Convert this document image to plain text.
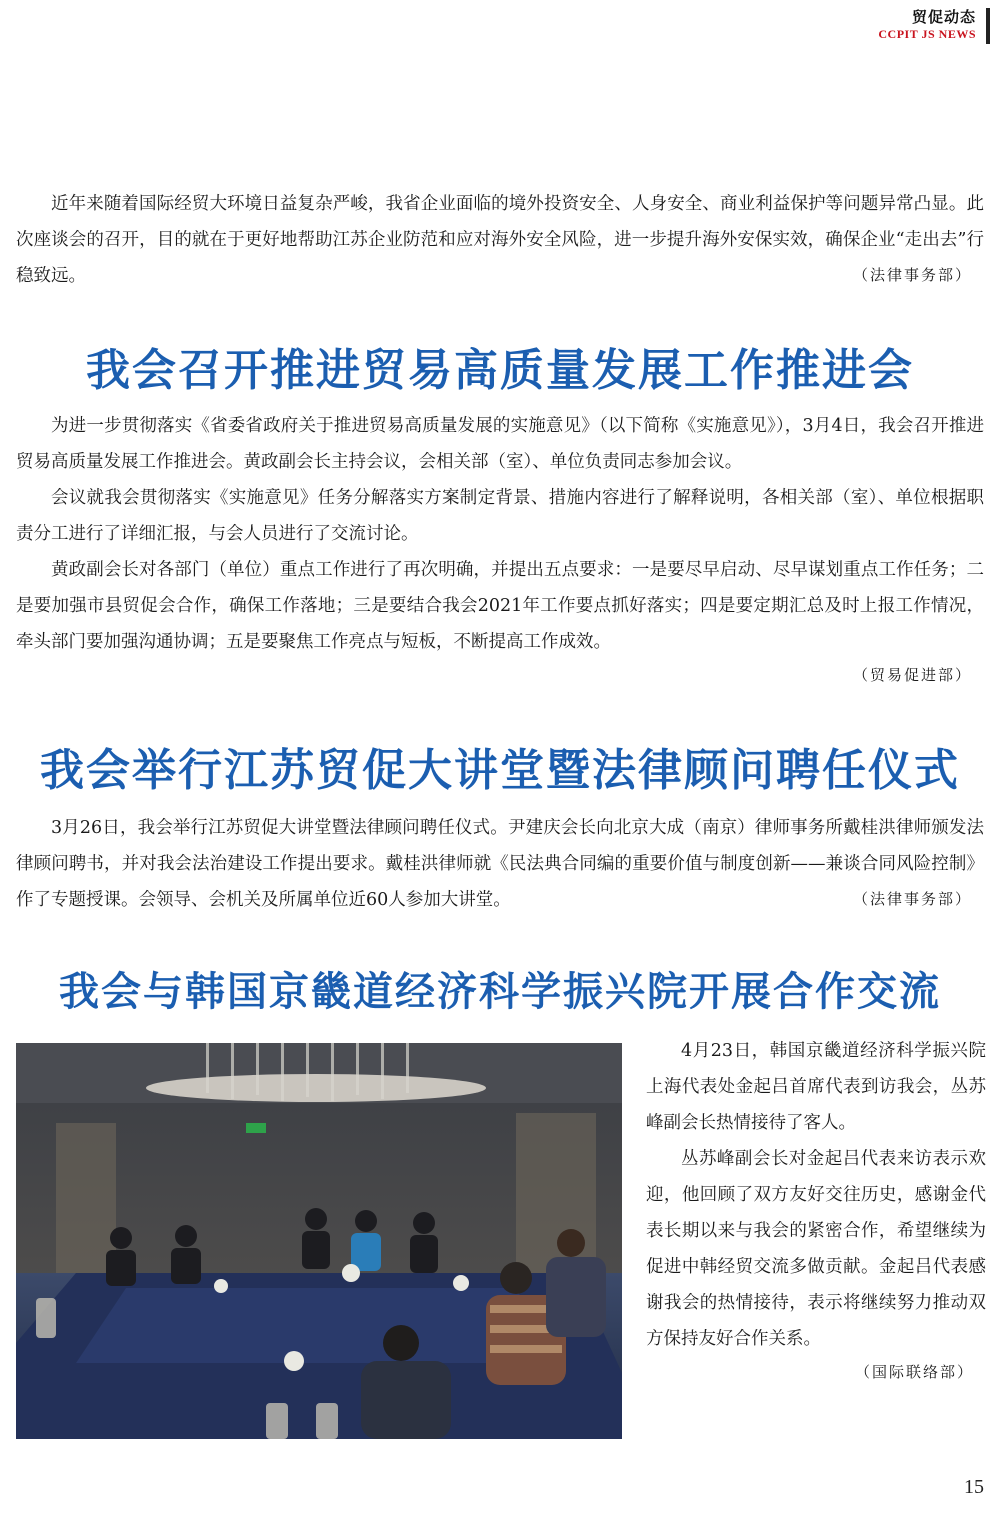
贸促动态
CCPIT JS NEWS

近年来随着国际经贸大环境日益复杂严峻，我省企业面临的境外投资安全、人身安全、商业利益保护等问题异常凸显。此次座谈会的召开，目的就在于更好地帮助江苏企业防范和应对海外安全风险，进一步提升海外安保实效，确保企业“走出去”行稳致远。	（法律事务部）
我会召开推进贸易高质量发展工作推进会

为进一步贯彻落实《省委省政府关于推进贸易高质量发展的实施意见》（以下简称《实施意见》），3月4日，我会召开推进贸易高质量发展工作推进会。黄政副会长主持会议，会相关部（室）、单位负责同志参加会议。

会议就我会贯彻落实《实施意见》任务分解落实方案制定背景、措施内容进行了解释说明，各相关部（室）、单位根据职责分工进行了详细汇报，与会人员进行了交流讨论。

黄政副会长对各部门（单位）重点工作进行了再次明确，并提出五点要求：一是要尽早启动、尽早谋划重点工作任务；二是要加强市县贸促会合作，确保工作落地；三是要结合我会2021年工作要点抓好落实；四是要定期汇总及时上报工作情况，牵头部门要加强沟通协调；五是要聚焦工作亮点与短板，不断提高工作成效。

（贸易促进部）
我会举行江苏贸促大讲堂暨法律顾问聘任仪式

3月26日，我会举行江苏贸促大讲堂暨法律顾问聘任仪式。尹建庆会长向北京大成（南京）律师事务所戴桂洪律师颁发法律顾问聘书，并对我会法治建设工作提出要求。戴桂洪律师就《民法典合同编的重要价值与制度创新——兼谈合同风险控制》作了专题授课。会领导、会机关及所属单位近60人参加大讲堂。	（法律事务部）
我会与韩国京畿道经济科学振兴院开展合作交流

4月23日，韩国京畿道经济科学振兴院上海代表处金起吕首席代表到访我会，丛苏峰副会长热情接待了客人。

丛苏峰副会长对金起吕代表来访表示欢迎，他回顾了双方友好交往历史，感谢金代表长期以来与我会的紧密合作，希望继续为促进中韩经贸交流多做贡献。金起吕代表感谢我会的热情接待，表示将继续努力推动双方保持友好合作关系。

（国际联络部）
15
